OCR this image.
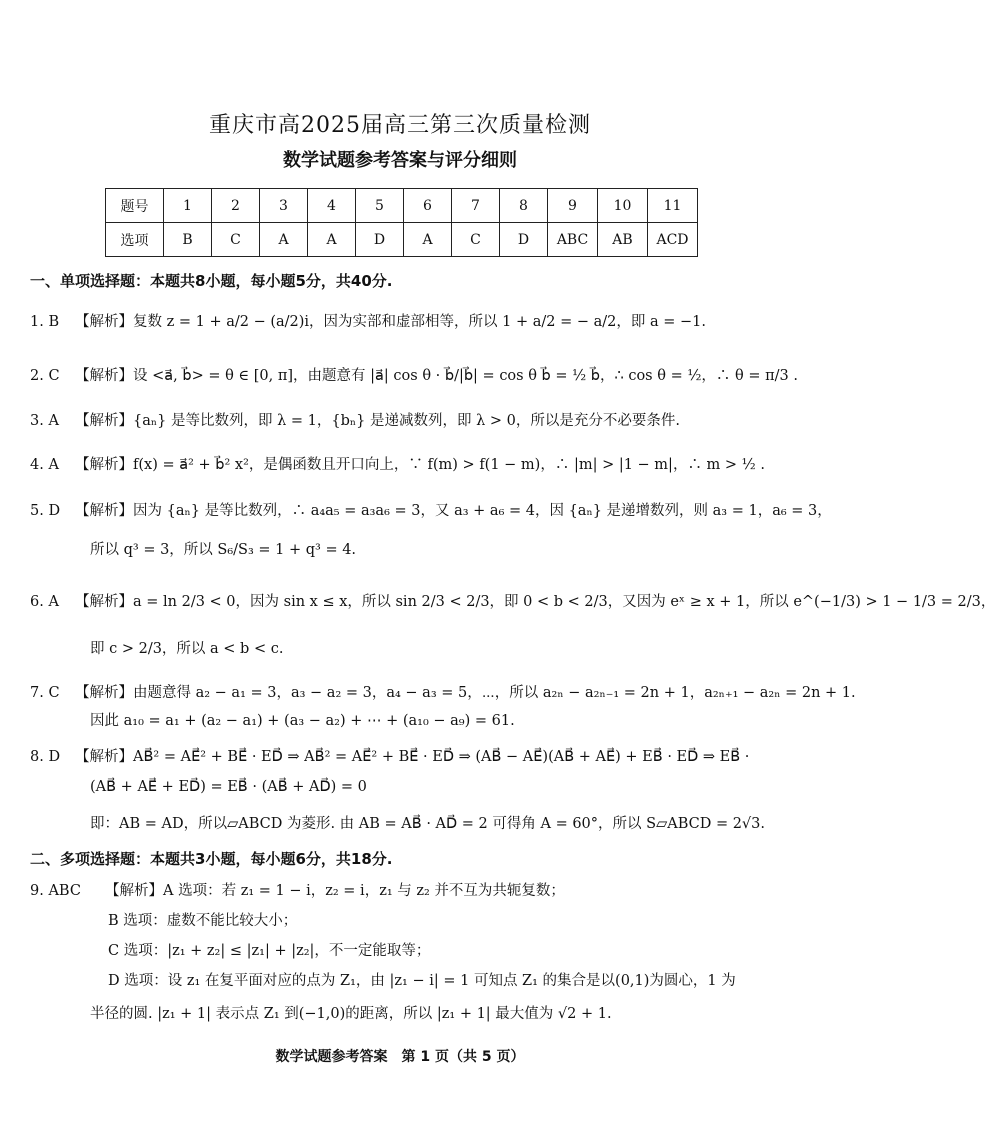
重庆市高2025届高三第三次质量检测
数学试题参考答案与评分细则
题号	1	2	3	4	5	6	7	8	9	10	11
选项	B	C	A	A	D	A	C	D	ABC	AB	ACD
一、单项选择题：本题共8小题，每小题5分，共40分.
1. B 【解析】复数 z = 1 + a/2 − (a/2)i，因为实部和虚部相等，所以 1 + a/2 = − a/2，即 a = −1.
2. C 【解析】设 <a⃗, b⃗> = θ ∈ [0, π]，由题意有 |a⃗| cos θ · b⃗/|b⃗| = cos θ b⃗ = ½ b⃗，∴ cos θ = ½，∴ θ = π/3 .
3. A 【解析】{aₙ} 是等比数列，即 λ = 1，{bₙ} 是递减数列，即 λ > 0，所以是充分不必要条件.
4. A 【解析】f(x) = a⃗² + b⃗² x²，是偶函数且开口向上，∵ f(m) > f(1 − m)，∴ |m| > |1 − m|，∴ m > ½ .
5. D 【解析】因为 {aₙ} 是等比数列，∴ a₄a₅ = a₃a₆ = 3，又 a₃ + a₆ = 4，因 {aₙ} 是递增数列，则 a₃ = 1，a₆ = 3，
所以 q³ = 3，所以 S₆/S₃ = 1 + q³ = 4.
6. A 【解析】a = ln 2/3 < 0，因为 sin x ≤ x，所以 sin 2/3 < 2/3，即 0 < b < 2/3，又因为 eˣ ≥ x + 1，所以 e^(−1/3) > 1 − 1/3 = 2/3，
即 c > 2/3，所以 a < b < c.
7. C 【解析】由题意得 a₂ − a₁ = 3，a₃ − a₂ = 3，a₄ − a₃ = 5，⋯，所以 a₂ₙ − a₂ₙ₋₁ = 2n + 1，a₂ₙ₊₁ − a₂ₙ = 2n + 1.
因此 a₁₀ = a₁ + (a₂ − a₁) + (a₃ − a₂) + ⋯ + (a₁₀ − a₉) = 61.
8. D 【解析】AB⃗² = AE⃗² + BE⃗ · ED⃗ ⇒ AB⃗² = AE⃗² + BE⃗ · ED⃗ ⇒ (AB⃗ − AE⃗)(AB⃗ + AE⃗) + EB⃗ · ED⃗ ⇒ EB⃗ ·
(AB⃗ + AE⃗ + ED⃗) = EB⃗ · (AB⃗ + AD⃗) = 0
即：AB = AD，所以▱ABCD 为菱形. 由 AB = AB⃗ · AD⃗ = 2 可得角 A = 60°，所以 S▱ABCD = 2√3.
二、多项选择题：本题共3小题，每小题6分，共18分.
9. ABC 【解析】A 选项：若 z₁ = 1 − i，z₂ = i，z₁ 与 z₂ 并不互为共轭复数；
B 选项：虚数不能比较大小；
C 选项：|z₁ + z₂| ≤ |z₁| + |z₂|，不一定能取等；
D 选项：设 z₁ 在复平面对应的点为 Z₁，由 |z₁ − i| = 1 可知点 Z₁ 的集合是以(0,1)为圆心，1 为
半径的圆. |z₁ + 1| 表示点 Z₁ 到(−1,0)的距离，所以 |z₁ + 1| 最大值为 √2 + 1.
数学试题参考答案　第 1 页（共 5 页）
